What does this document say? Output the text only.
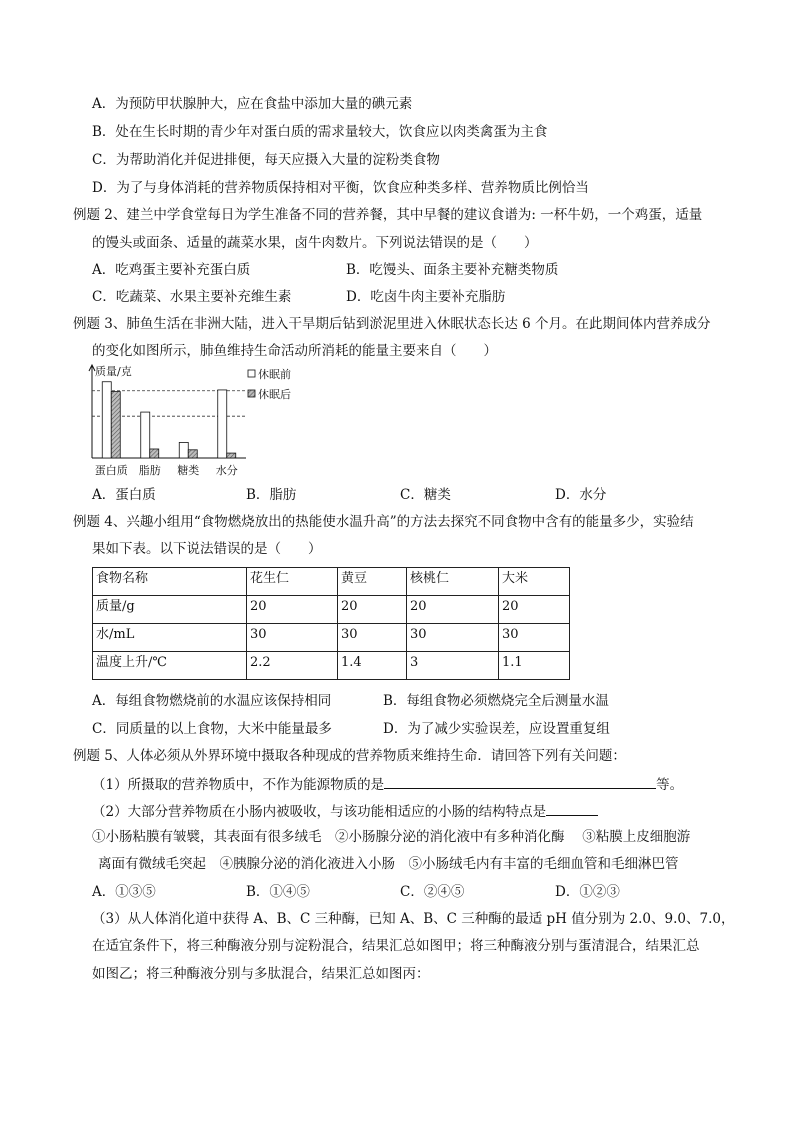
A．为预防甲状腺肿大，应在食盐中添加大量的碘元素
B．处在生长时期的青少年对蛋白质的需求量较大，饮食应以肉类禽蛋为主食
C．为帮助消化并促进排便，每天应摄入大量的淀粉类食物
D．为了与身体消耗的营养物质保持相对平衡，饮食应种类多样、营养物质比例恰当
例题 2、建兰中学食堂每日为学生准备不同的营养餐，其中早餐的建议食谱为: 一杯牛奶，一个鸡蛋，适量
的馒头或面条、适量的蔬菜水果，卤牛肉数片。下列说法错误的是（　　）
A．吃鸡蛋主要补充蛋白质	B．吃馒头、面条主要补充糖类物质
C．吃蔬菜、水果主要补充维生素	D．吃卤牛肉主要补充脂肪
例题 3、肺鱼生活在非洲大陆，进入干旱期后钻到淤泥里进入休眠状态长达 6 个月。在此期间体内营养成分
的变化如图所示，肺鱼维持生命活动所消耗的能量主要来自（　　）
质量/克
蛋白质 脂肪 糖类 水分
休眠前
休眠后
A．蛋白质	B．脂肪	C．糖类	D．水分
例题 4、兴趣小组用“食物燃烧放出的热能使水温升高”的方法去探究不同食物中含有的能量多少，实验结
果如下表。以下说法错误的是（　　）
食物名称	花生仁	黄豆	核桃仁	大米
质量/g	20	20	20	20
水/mL	30	30	30	30
温度上升/℃	2.2	1.4	3	1.1
A．每组食物燃烧前的水温应该保持相同	B．每组食物必须燃烧完全后测量水温
C．同质量的以上食物，大米中能量最多	D．为了减少实验误差，应设置重复组
例题 5、人体必须从外界环境中摄取各种现成的营养物质来维持生命．请回答下列有关问题：
（1）所摄取的营养物质中，不作为能源物质的是	等。
（2）大部分营养物质在小肠内被吸收，与该功能相适应的小肠的结构特点是
①小肠粘膜有皱襞，其表面有很多绒毛　②小肠腺分泌的消化液中有多种消化酶　 ③粘膜上皮细胞游
离面有微绒毛突起　④胰腺分泌的消化液进入小肠　⑤小肠绒毛内有丰富的毛细血管和毛细淋巴管
A．①③⑤	B．①④⑤	C．②④⑤	D．①②③
（3）从人体消化道中获得 A、B、C 三种酶，已知 A、B、C 三种酶的最适 pH 值分别为 2.0、9.0、7.0，
在适宜条件下，将三种酶液分别与淀粉混合，结果汇总如图甲；将三种酶液分别与蛋清混合，结果汇总
如图乙；将三种酶液分别与多肽混合，结果汇总如图丙：
